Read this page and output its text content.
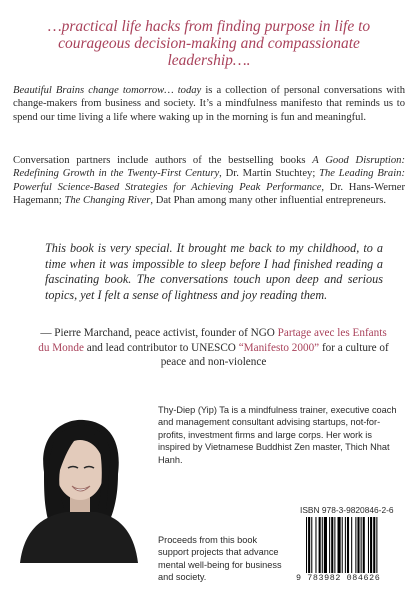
…practical life hacks from finding purpose in life to courageous decision-making and compassionate leadership….
Beautiful Brains change tomorrow… today is a collection of personal conversations with change-makers from business and society. It’s a mindfulness manifesto that reminds us to spend our time living a life where waking up in the morning is fun and meaningful.
Conversation partners include authors of the bestselling books A Good Disruption: Redefining Growth in the Twenty-First Century, Dr. Martin Stuchtey; The Leading Brain: Powerful Science-Based Strategies for Achieving Peak Performance, Dr. Hans-Werner Hagemann; The Changing River, Dat Phan among many other influential entrepreneurs.
This book is very special. It brought me back to my childhood, to a time when it was impossible to sleep before I had finished reading a fascinating book. The conversations touch upon deep and serious topics, yet I felt a sense of lightness and joy reading them.
— Pierre Marchand, peace activist, founder of NGO Partage avec les Enfants du Monde and lead contributor to UNESCO “Manifesto 2000” for a culture of peace and non-violence
Thy-Diep (Yip) Ta is a mindfulness trainer, executive coach and management consultant advising startups, not-for-profits, investment firms and large corps. Her work is inspired by Vietnamese Buddhist Zen master, Thich Nhat Hanh.
Proceeds from this book support projects that advance mental well-being for business and society.
ISBN 978-3-9820846-2-6
9 783982 084626
